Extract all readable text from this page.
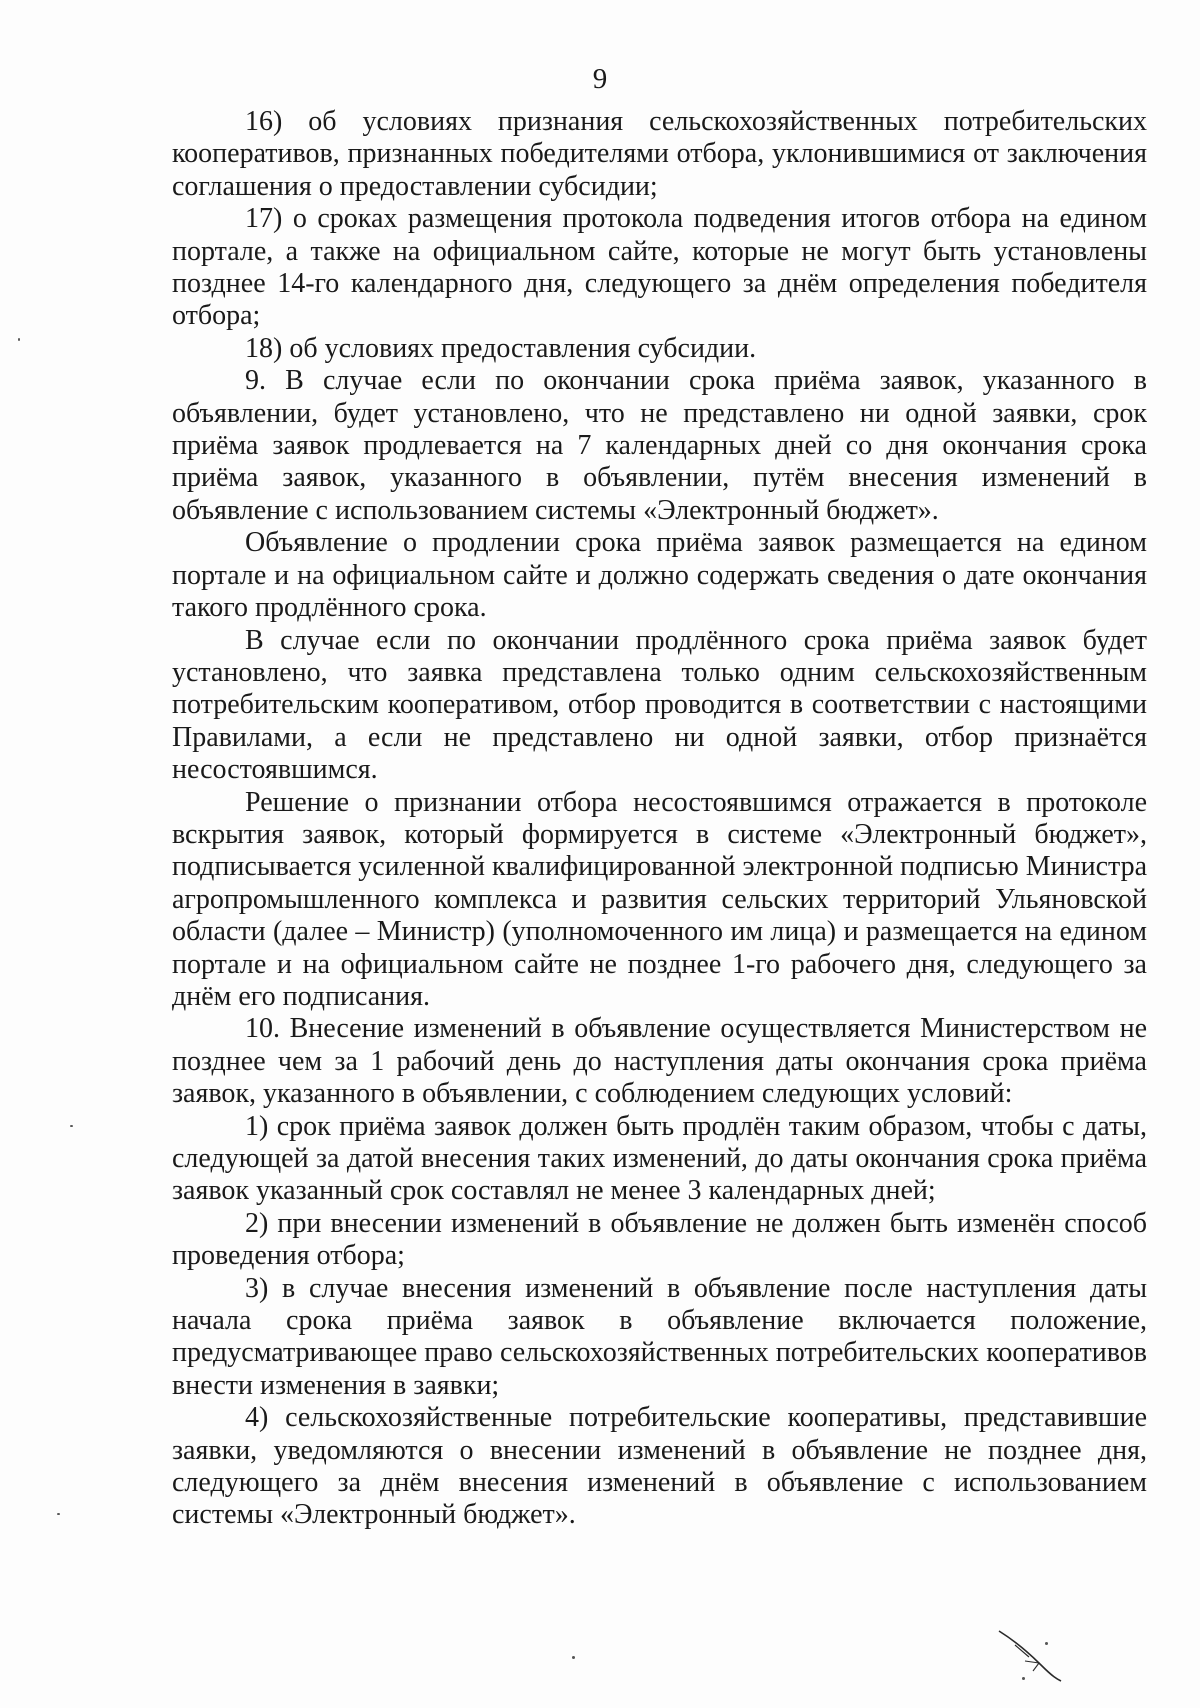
9

16) об условиях признания сельскохозяйственных потребительских кооперативов, признанных победителями отбора, уклонившимися от заключения соглашения о предоставлении субсидии;

17) о сроках размещения протокола подведения итогов отбора на едином портале, а также на официальном сайте, которые не могут быть установлены позднее 14-го календарного дня, следующего за днём определения победителя отбора;

18) об условиях предоставления субсидии.

9. В случае если по окончании срока приёма заявок, указанного в объявлении, будет установлено, что не представлено ни одной заявки, срок приёма заявок продлевается на 7 календарных дней со дня окончания срока приёма заявок, указанного в объявлении, путём внесения изменений в объявление с использованием системы «Электронный бюджет».

Объявление о продлении срока приёма заявок размещается на едином портале и на официальном сайте и должно содержать сведения о дате окончания такого продлённого срока.

В случае если по окончании продлённого срока приёма заявок будет установлено, что заявка представлена только одним сельскохозяйственным потребительским кооперативом, отбор проводится в соответствии с настоящими Правилами, а если не представлено ни одной заявки, отбор признаётся несостоявшимся.

Решение о признании отбора несостоявшимся отражается в протоколе вскрытия заявок, который формируется в системе «Электронный бюджет», подписывается усиленной квалифицированной электронной подписью Министра агропромышленного комплекса и развития сельских территорий Ульяновской области (далее – Министр) (уполномоченного им лица) и размещается на едином портале и на официальном сайте не позднее 1-го рабочего дня, следующего за днём его подписания.

10. Внесение изменений в объявление осуществляется Министерством не позднее чем за 1 рабочий день до наступления даты окончания срока приёма заявок, указанного в объявлении, с соблюдением следующих условий:

1) срок приёма заявок должен быть продлён таким образом, чтобы с даты, следующей за датой внесения таких изменений, до даты окончания срока приёма заявок указанный срок составлял не менее 3 календарных дней;

2) при внесении изменений в объявление не должен быть изменён способ проведения отбора;

3) в случае внесения изменений в объявление после наступления даты начала срока приёма заявок в объявление включается положение, предусматривающее право сельскохозяйственных потребительских кооперативов внести изменения в заявки;

4) сельскохозяйственные потребительские кооперативы, представившие заявки, уведомляются о внесении изменений в объявление не позднее дня, следующего за днём внесения изменений в объявление с использованием системы «Электронный бюджет».
